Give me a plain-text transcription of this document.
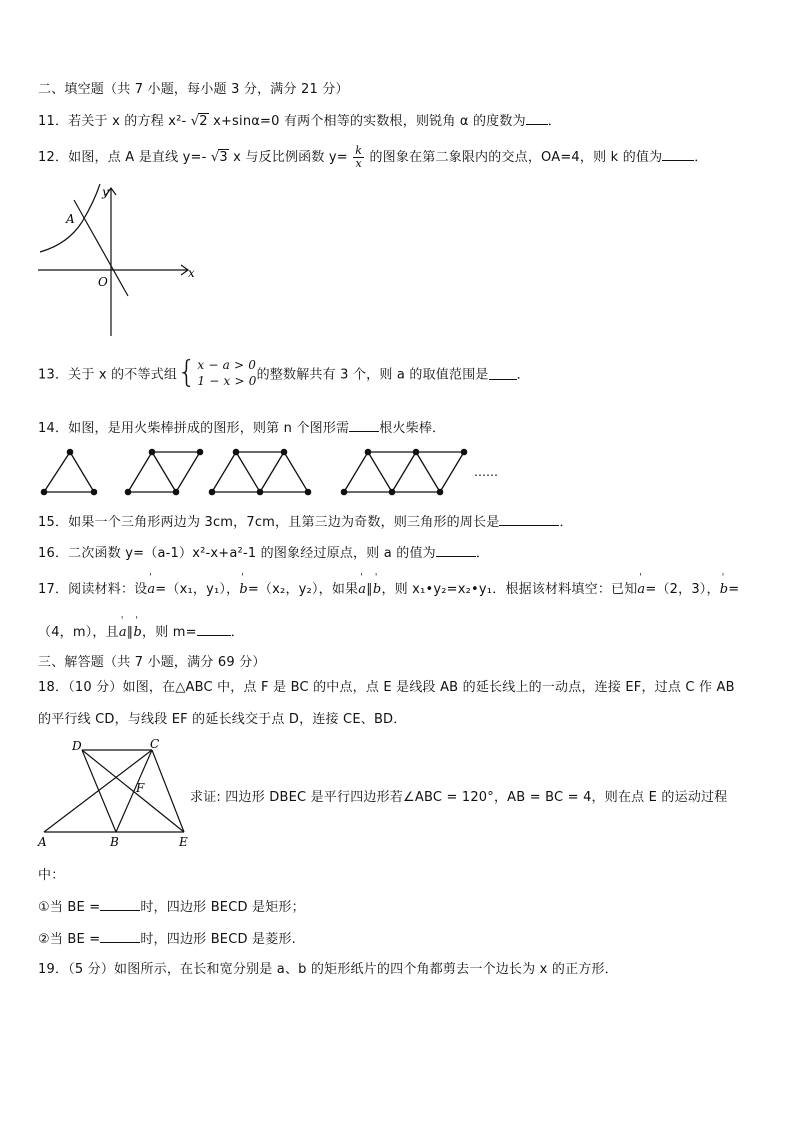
二、填空题（共 7 小题，每小题 3 分，满分 21 分）
11．若关于 x 的方程 x²- √2 x+sinα=0 有两个相等的实数根，则锐角 α 的度数为 ．
12．如图，点 A 是直线 y=- √3 x 与反比例函数 $y= \frac{k}{x}$ 的图象在第二象限内的交点，OA=4，则 k 的值为 ．
y
x
O
A
13．关于 x 的不等式组{ x − a > 0
1 − x > 0 的整数解共有 3 个，则 a 的取值范围是 ．
14．如图，是用火柴棒拼成的图形，则第 n 个图形需 根火柴棒．
……
15．如果一个三角形两边为 3cm，7cm，且第三边为奇数，则三角形的周长是	．
16．二次函数 y=（a-1）x²-x+a²-1 的图象经过原点，则 a 的值为	．
17．阅读材料：设' a=（x₁，y₁），' b=（x₂，y₂），如果' a∥' b，则 x₁•y₂=x₂•y₁．根据该材料填空：已知' a=（2，3），' b=
（4，m），且' a∥' b，则 m=	．
三、解答题（共 7 小题，满分 69 分）
18．（10 分）如图，在△ABC 中，点 F 是 BC 的中点，点 E 是线段 AB 的延长线上的一动点，连接 EF，过点 C 作 AB
的平行线 CD，与线段 EF 的延长线交于点 D，连接 CE、BD．
D	C
F
A	B	E
求证: 四边形 DBEC 是平行四边形若∠ABC = 120°，AB = BC = 4，则在点 E 的运动过程
中：
①当 BE =	时，四边形 BECD 是矩形；
②当 BE =	时，四边形 BECD 是菱形.
19．（5 分）如图所示，在长和宽分别是 a、b 的矩形纸片的四个角都剪去一个边长为 x 的正方形．
